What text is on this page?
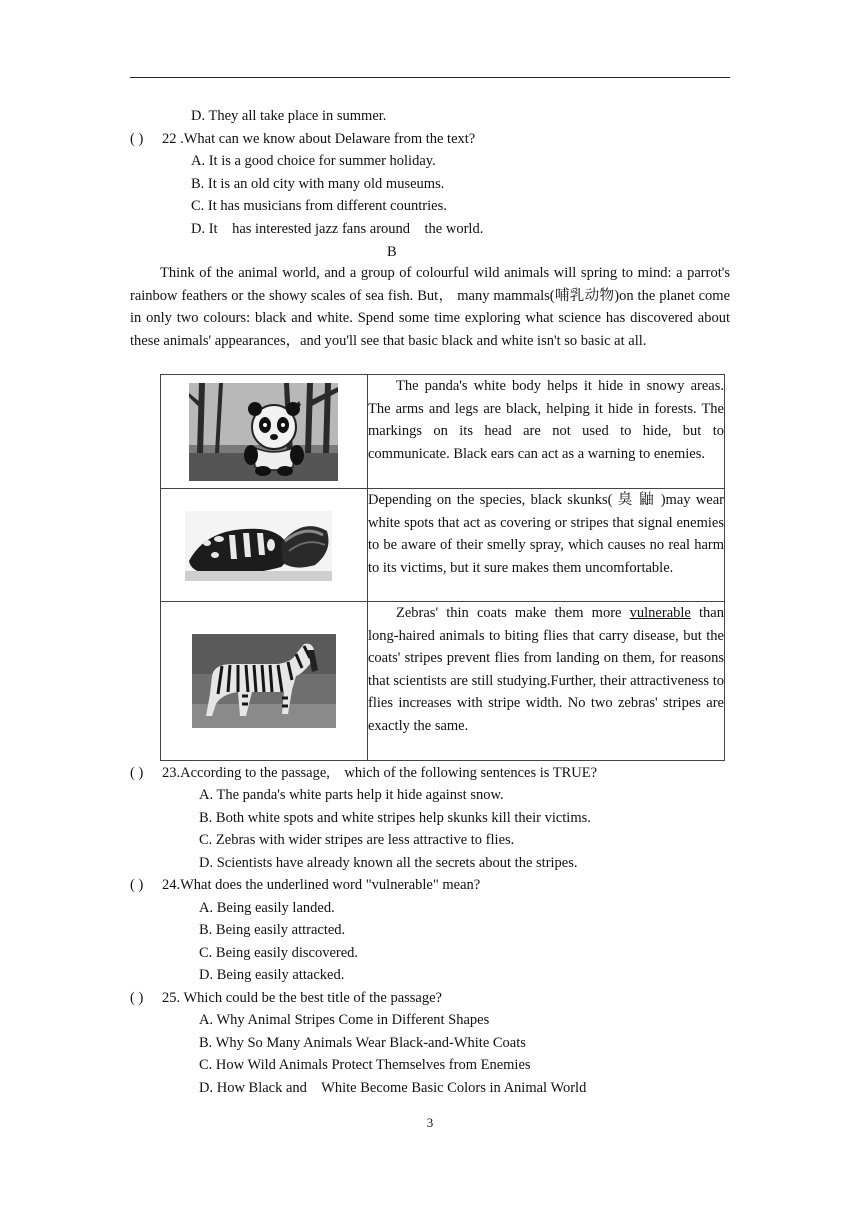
D. They all take place in summer.
( ) 22 .What can we know about Delaware from the text?
A. It is a good choice for summer holiday.
B. It is an old city with many old museums.
C. It has musicians from different countries.
D. It    has interested jazz fans around    the world.
B
Think of the animal world, and a group of colourful wild animals will spring to mind: a parrot's rainbow feathers or the showy scales of sea fish. But， many mammals(哺乳动物)on the planet come in only two colours: black and white. Spend some time exploring what science has discovered about these animals' appearances，and you'll see that basic black and white isn't so basic at all.
	The panda's white body helps it hide in snowy areas. The arms and legs are black, helping it hide in forests. The markings on its head are not used to hide, but to communicate. Black ears can act as a warning to enemies.

	Depending on the species, black skunks( 臭 鼬 )may wear white spots that act as covering or stripes that signal enemies to be aware of their smelly spray, which causes no real harm to its victims, but it sure makes them uncomfortable.

	Zebras' thin coats make them more vulnerable than long-haired animals to biting flies that carry disease, but the coats' stripes prevent flies from landing on them, for reasons that scientists are still studying.Further, their attractiveness to flies increases with stripe width. No two zebras' stripes are exactly the same.
( ) 23.According to the passage,    which of the following sentences is TRUE?
A. The panda's white parts help it hide against snow.
B. Both white spots and white stripes help skunks kill their victims.
C. Zebras with wider stripes are less attractive to flies.
D. Scientists have already known all the secrets about the stripes.
( ) 24.What does the underlined word "vulnerable" mean?
A. Being easily landed.
B. Being easily attracted.
C. Being easily discovered.
D. Being easily attacked.
( ) 25. Which could be the best title of the passage?
A. Why Animal Stripes Come in Different Shapes
B. Why So Many Animals Wear Black-and-White Coats
C. How Wild Animals Protect Themselves from Enemies
D. How Black and    White Become Basic Colors in Animal World
3
